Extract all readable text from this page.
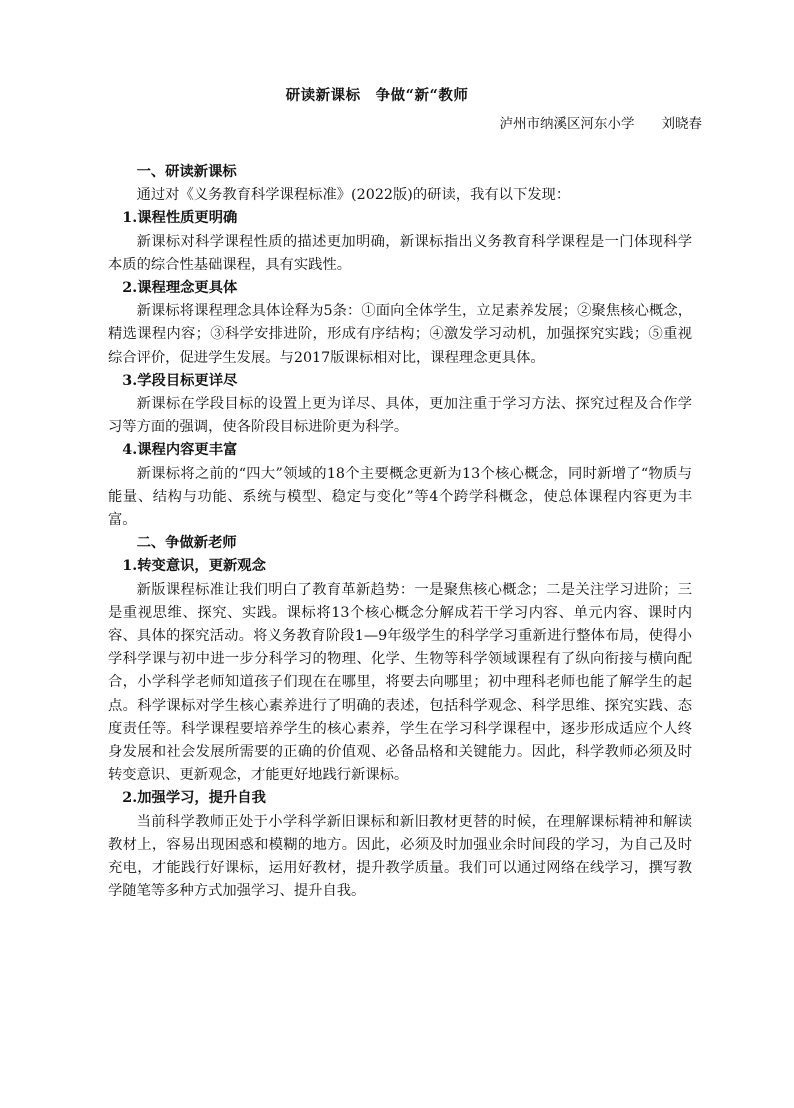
研读新课标　争做“新“教师
泸州市纳溪区河东小学　　刘晓春

一、研读新课标

通过对《义务教育科学课程标准》(2022版)的研读，我有以下发现：

1.课程性质更明确

新课标对科学课程性质的描述更加明确，新课标指出义务教育科学课程是一门体现科学本质的综合性基础课程，具有实践性。

2.课程理念更具体

新课标将课程理念具体诠释为5条：①面向全体学生，立足素养发展；②聚焦核心概念，精选课程内容；③科学安排进阶，形成有序结构；④激发学习动机，加强探究实践；⑤重视综合评价，促进学生发展。与2017版课标相对比，课程理念更具体。

3.学段目标更详尽

新课标在学段目标的设置上更为详尽、具体，更加注重于学习方法、探究过程及合作学习等方面的强调，使各阶段目标进阶更为科学。

4.课程内容更丰富

新课标将之前的“四大”领域的18个主要概念更新为13个核心概念，同时新增了“物质与能量、结构与功能、系统与模型、稳定与变化”等4个跨学科概念，使总体课程内容更为丰富。

二、争做新老师

1.转变意识，更新观念

新版课程标准让我们明白了教育革新趋势：一是聚焦核心概念；二是关注学习进阶；三是重视思维、探究、实践。课标将13个核心概念分解成若干学习内容、单元内容、课时内容、具体的探究活动。将义务教育阶段1—9年级学生的科学学习重新进行整体布局，使得小学科学课与初中进一步分科学习的物理、化学、生物等科学领域课程有了纵向衔接与横向配合，小学科学老师知道孩子们现在在哪里，将要去向哪里；初中理科老师也能了解学生的起点。科学课标对学生核心素养进行了明确的表述，包括科学观念、科学思维、探究实践、态度责任等。科学课程要培养学生的核心素养，学生在学习科学课程中，逐步形成适应个人终身发展和社会发展所需要的正确的价值观、必备品格和关键能力。因此，科学教师必须及时转变意识、更新观念，才能更好地践行新课标。

2.加强学习，提升自我

当前科学教师正处于小学科学新旧课标和新旧教材更替的时候，在理解课标精神和解读教材上，容易出现困惑和模糊的地方。因此，必须及时加强业余时间段的学习，为自己及时充电，才能践行好课标，运用好教材，提升教学质量。我们可以通过网络在线学习，撰写教学随笔等多种方式加强学习、提升自我。
